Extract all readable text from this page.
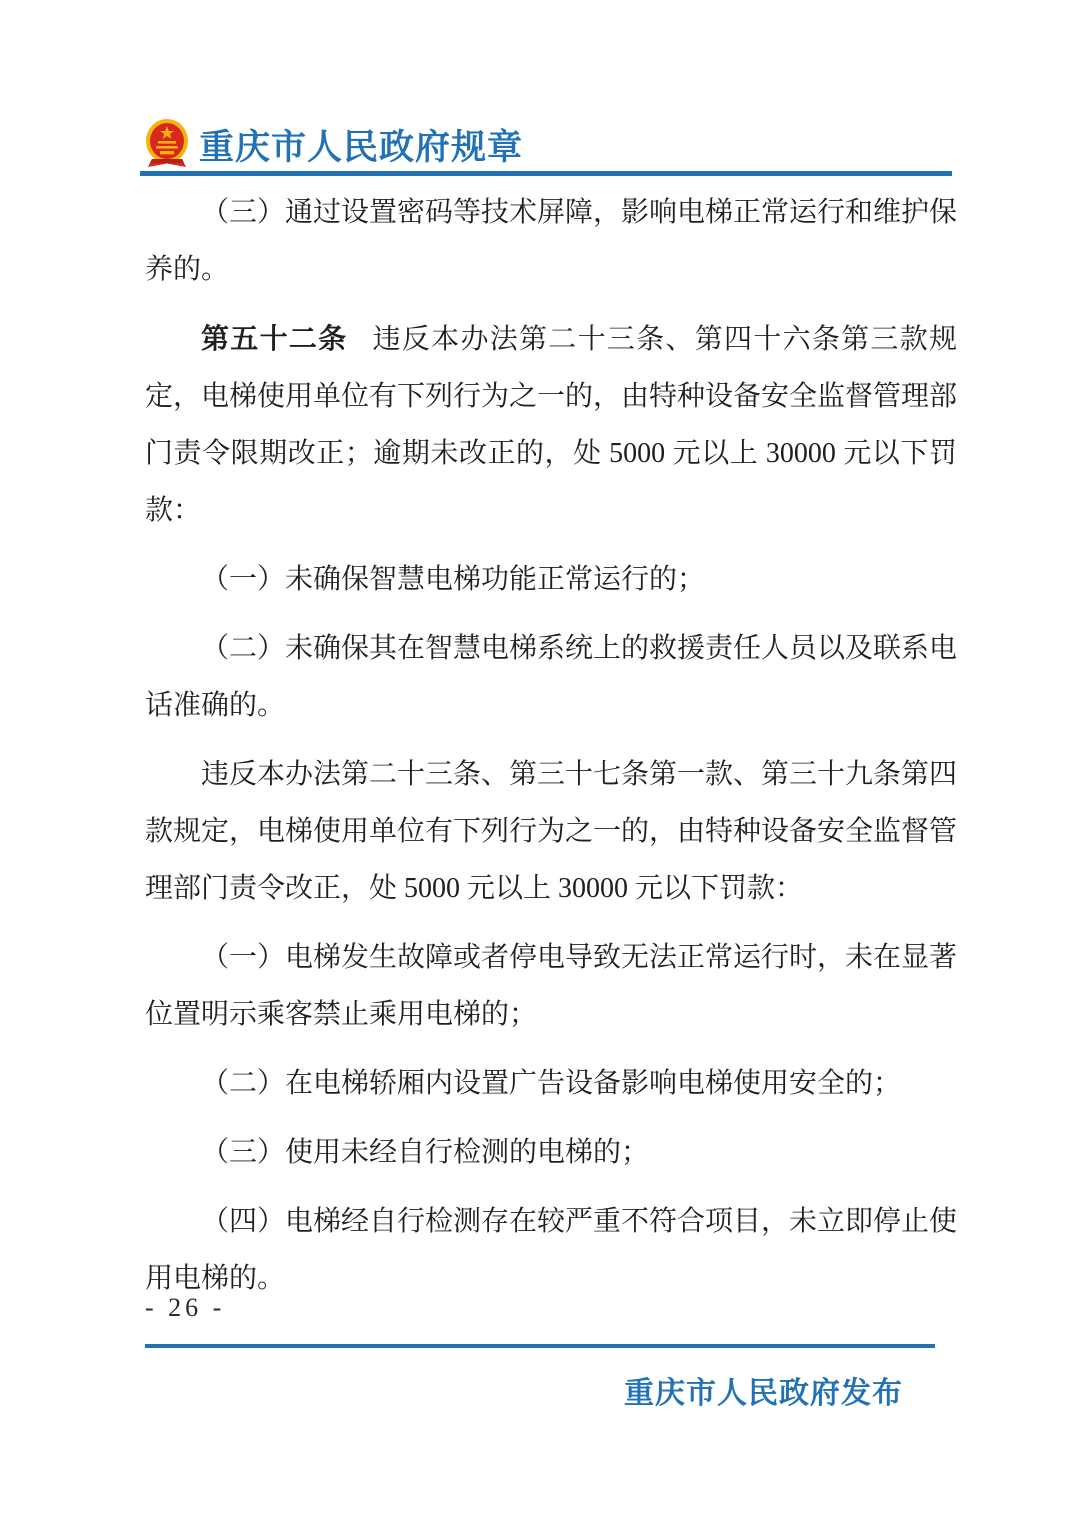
重庆市人民政府规章

（三）通过设置密码等技术屏障，影响电梯正常运行和维护保养的。

第五十二条 违反本办法第二十三条、第四十六条第三款规定，电梯使用单位有下列行为之一的，由特种设备安全监督管理部门责令限期改正；逾期未改正的，处 5000 元以上 30000 元以下罚款：

（一）未确保智慧电梯功能正常运行的；

（二）未确保其在智慧电梯系统上的救援责任人员以及联系电话准确的。

违反本办法第二十三条、第三十七条第一款、第三十九条第四款规定，电梯使用单位有下列行为之一的，由特种设备安全监督管理部门责令改正，处 5000 元以上 30000 元以下罚款：

（一）电梯发生故障或者停电导致无法正常运行时，未在显著位置明示乘客禁止乘用电梯的；

（二）在电梯轿厢内设置广告设备影响电梯使用安全的；

（三）使用未经自行检测的电梯的；

（四）电梯经自行检测存在较严重不符合项目，未立即停止使用电梯的。

- 26 -
重庆市人民政府发布
